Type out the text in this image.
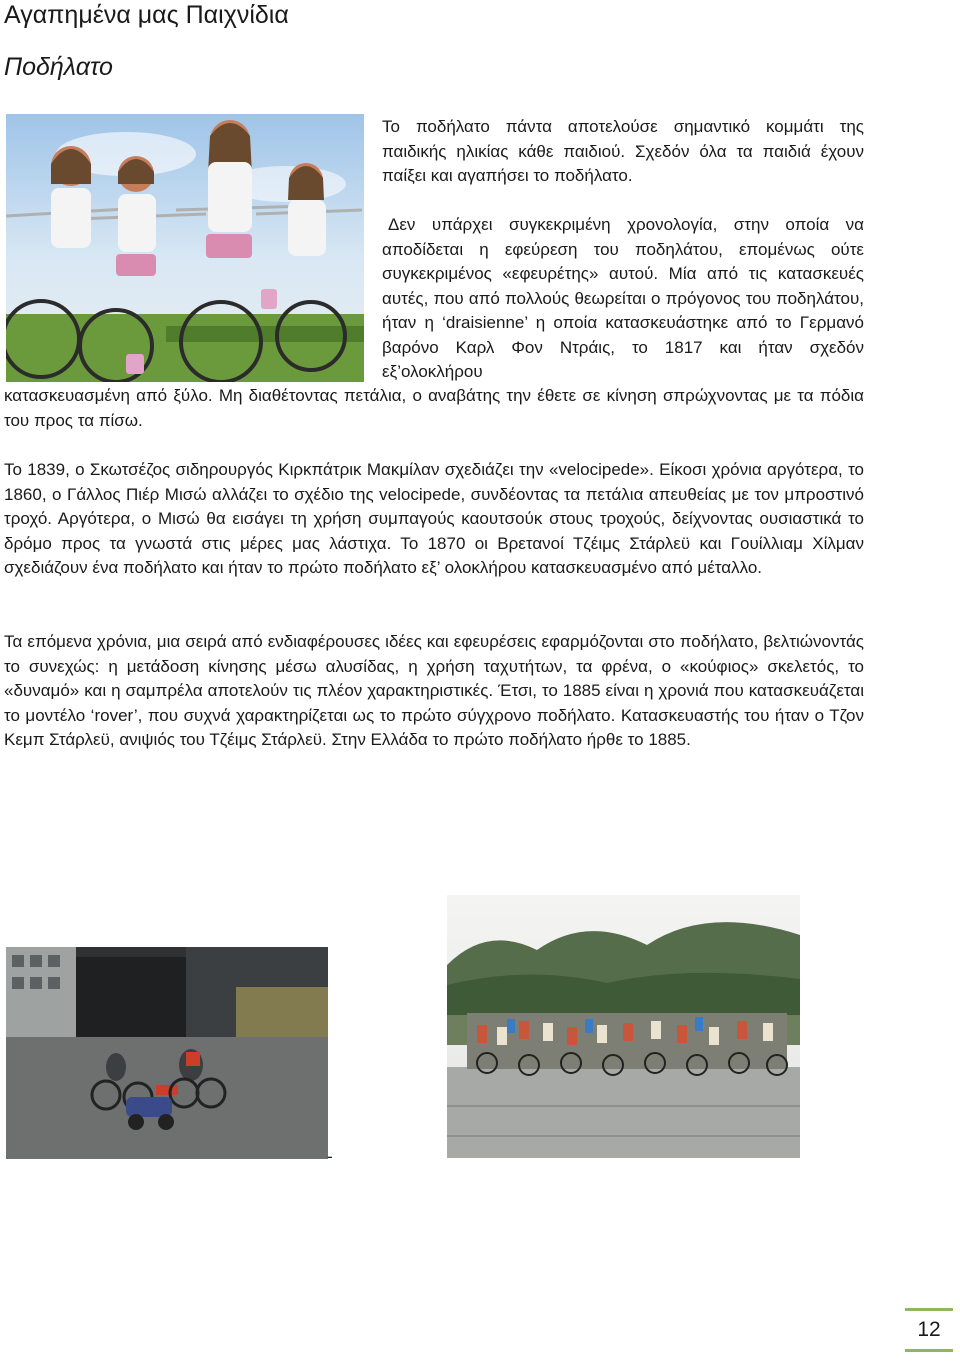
Αγαπημένα μας Παιχνίδια
Ποδήλατο

Το ποδήλατο πάντα αποτελούσε σημαντικό κομμάτι της παιδικής ηλικίας κάθε παιδιού. Σχεδόν όλα τα παιδιά έχουν παίξει και αγαπήσει το ποδήλατο.

Δεν υπάρχει συγκεκριμένη χρονολογία, στην οποία να αποδίδεται η εφεύρεση του ποδηλάτου, επομένως ούτε συγκεκριμένος «εφευρέτης» αυτού. Μία από τις κατασκευές αυτές, που από πολλούς θεωρείται ο πρόγονος του ποδηλάτου, ήταν η ‘draisienne’ η οποία κατασκευάστηκε από το Γερμανό βαρόνο Καρλ Φον Ντράις, το 1817 και ήταν σχεδόν εξ’ολοκλήρου

κατασκευασμένη από ξύλο. Μη διαθέτοντας πετάλια, ο αναβάτης την έθετε σε κίνηση σπρώχνοντας με τα πόδια του προς τα πίσω.

Το 1839, ο Σκωτσέζος σιδηρουργός Κιρκπάτρικ Μακμίλαν σχεδιάζει την «velocipede». Είκοσι χρόνια αργότερα, το 1860, ο Γάλλος Πιέρ Μισώ αλλάζει το σχέδιο της velocipede, συνδέοντας τα πετάλια απευθείας με τον μπροστινό τροχό. Αργότερα, ο Μισώ θα εισάγει τη χρήση συμπαγούς καουτσούκ στους τροχούς, δείχνοντας ουσιαστικά το δρόμο προς τα γνωστά στις μέρες μας λάστιχα. Το 1870 οι Βρετανοί Τζέιμς Στάρλεϋ και Γουίλλιαμ Χίλμαν σχεδιάζουν ένα ποδήλατο και ήταν το πρώτο ποδήλατο εξ’ ολοκλήρου κατασκευασμένο από μέταλλο.

Τα επόμενα χρόνια, μια σειρά από ενδιαφέρουσες ιδέες και εφευρέσεις εφαρμόζονται στο ποδήλατο, βελτιώνοντάς το συνεχώς: η μετάδοση κίνησης μέσω αλυσίδας, η χρήση ταχυτήτων, τα φρένα, ο «κούφιος» σκελετός, το «δυναμό» και η σαμπρέλα αποτελούν τις πλέον χαρακτηριστικές. Έτσι, το 1885 είναι η χρονιά που κατασκευάζεται το μοντέλο ‘rover’, που συχνά χαρακτηρίζεται ως το πρώτο σύγχρονο ποδήλατο. Κατασκευαστής του ήταν ο Τζον Κεμπ Στάρλεϋ, ανιψιός του Τζέιμς Στάρλεϋ. Στην Ελλάδα το πρώτο ποδήλατο ήρθε το 1885.

-
12
